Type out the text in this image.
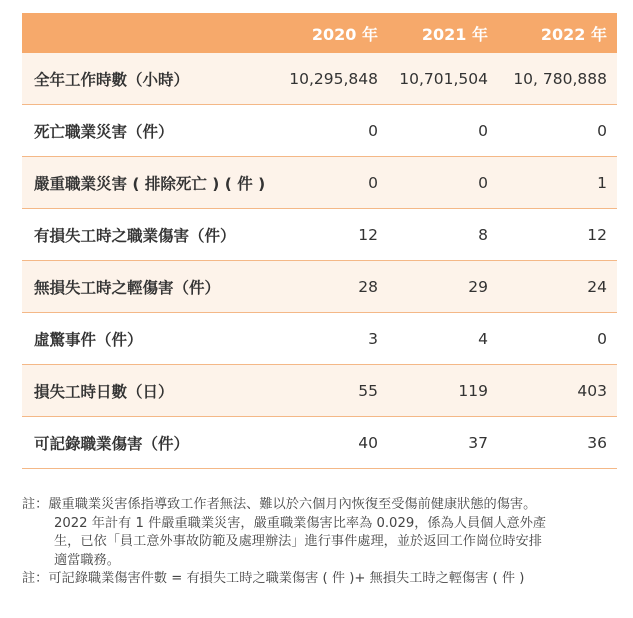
	2020 年	2021 年	2022 年
全年工作時數（小時）	10,295,848	10,701,504	10, 780,888
死亡職業災害（件）	0	0	0
嚴重職業災害 ( 排除死亡 ) ( 件 )	0	0	1
有損失工時之職業傷害（件）	12	8	12
無損失工時之輕傷害（件）	28	29	24
虛驚事件（件）	3	4	0
損失工時日數（日）	55	119	403
可記錄職業傷害（件）	40	37	36
註： 嚴重職業災害係指導致工作者無法、難以於六個月內恢復至受傷前健康狀態的傷害。
2022 年計有 1 件嚴重職業災害，嚴重職業傷害比率為 0.029，係為人員個人意外產
生，已依「員工意外事故防範及處理辦法」進行事件處理，並於返回工作崗位時安排
適當職務。
註： 可記錄職業傷害件數 = 有損失工時之職業傷害 ( 件 )+ 無損失工時之輕傷害 ( 件 )
